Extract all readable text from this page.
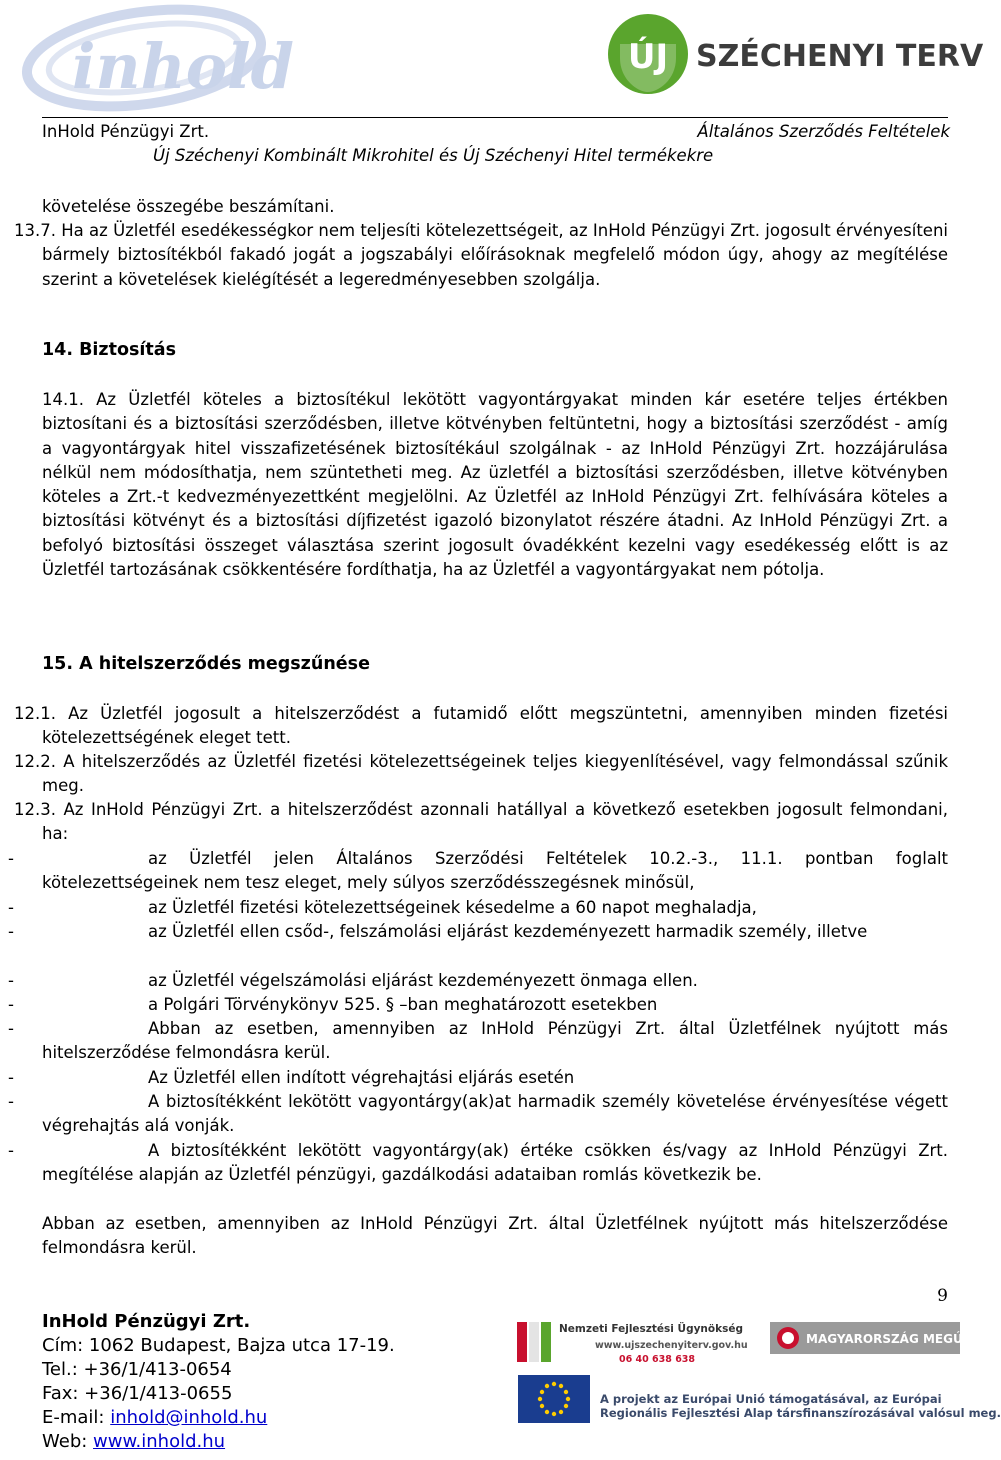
inhold	ÚJ SZÉCHENYI TERV
InHold Pénzügyi Zrt.	Általános Szerződés Feltételek
Új Széchenyi Kombinált Mikrohitel és Új Széchenyi Hitel termékekre

követelése összegébe beszámítani.

13.7. Ha az Üzletfél esedékességkor nem teljesíti kötelezettségeit, az InHold Pénzügyi Zrt. jogosult érvényesíteni bármely biztosítékból fakadó jogát a jogszabályi előírásoknak megfelelő módon úgy, ahogy az megítélése szerint a követelések kielégítését a legeredményesebben szolgálja.

14. Biztosítás

14.1. Az Üzletfél köteles a biztosítékul lekötött vagyontárgyakat minden kár esetére teljes értékben biztosítani és a biztosítási szerződésben, illetve kötvényben feltüntetni, hogy a biztosítási szerződést - amíg a vagyontárgyak hitel visszafizetésének biztosítékául szolgálnak - az InHold Pénzügyi Zrt. hozzájárulása nélkül nem módosíthatja, nem szüntetheti meg. Az üzletfél a biztosítási szerződésben, illetve kötvényben köteles a Zrt.-t kedvezményezettként megjelölni. Az Üzletfél az InHold Pénzügyi Zrt. felhívására köteles a biztosítási kötvényt és a biztosítási díjfizetést igazoló bizonylatot részére átadni. Az InHold Pénzügyi Zrt. a befolyó biztosítási összeget választása szerint jogosult óvadékként kezelni vagy esedékesség előtt is az Üzletfél tartozásának csökkentésére fordíthatja, ha az Üzletfél a vagyontárgyakat nem pótolja.

15. A hitelszerződés megszűnése

12.1. Az Üzletfél jogosult a hitelszerződést a futamidő előtt megszüntetni, amennyiben minden fizetési kötelezettségének eleget tett.

12.2. A hitelszerződés az Üzletfél fizetési kötelezettségeinek teljes kiegyenlítésével, vagy felmondással szűnik meg.

12.3. Az InHold Pénzügyi Zrt. a hitelszerződést azonnali hatállyal a következő esetekben jogosult felmondani, ha:

-	az Üzletfél jelen Általános Szerződési Feltételek 10.2.-3., 11.1. pontban foglalt kötelezettségeinek nem tesz eleget, mely súlyos szerződésszegésnek minősül,
-	az Üzletfél fizetési kötelezettségeinek késedelme a 60 napot meghaladja,
-	az Üzletfél ellen csőd-, felszámolási eljárást kezdeményezett harmadik személy, illetve
-	az Üzletfél végelszámolási eljárást kezdeményezett önmaga ellen.
-	a Polgári Törvénykönyv 525. § –ban meghatározott esetekben
-	Abban az esetben, amennyiben az InHold Pénzügyi Zrt. által Üzletfélnek nyújtott más hitelszerződése felmondásra kerül.
-	Az Üzletfél ellen indított végrehajtási eljárás esetén
-	A biztosítékként lekötött vagyontárgy(ak)at harmadik személy követelése érvényesítése végett végrehajtás alá vonják.
-	A biztosítékként lekötött vagyontárgy(ak) értéke csökken és/vagy az InHold Pénzügyi Zrt. megítélése alapján az Üzletfél pénzügyi, gazdálkodási adataiban romlás következik be.

Abban az esetben, amennyiben az InHold Pénzügyi Zrt. által Üzletfélnek nyújtott más hitelszerződése felmondásra kerül.

9
InHold Pénzügyi Zrt.
Cím: 1062 Budapest, Bajza utca 17-19.
Tel.: +36/1/413-0654
Fax: +36/1/413-0655
E-mail: inhold@inhold.hu
Web: www.inhold.hu
Nemzeti Fejlesztési Ügynökség
www.ujszechenyiterv.gov.hu
06 40 638 638
MAGYARORSZÁG MEGÚJUL
A projekt az Európai Unió támogatásával, az Európai
Regionális Fejlesztési Alap társfinanszírozásával valósul meg.
